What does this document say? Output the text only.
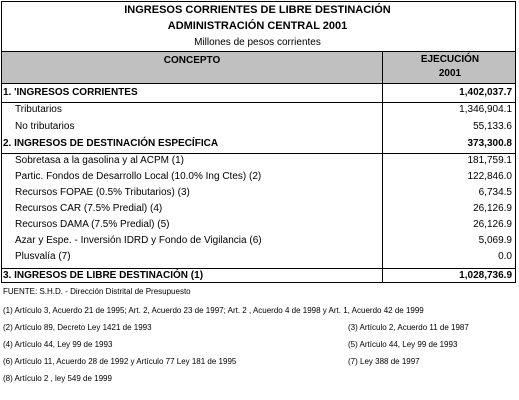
INGRESOS CORRIENTES DE LIBRE DESTINACIÓN
ADMINISTRACIÓN CENTRAL 2001
Millones de pesos corrientes
CONCEPTO	EJECUCIÓN
2001
1. 'INGRESOS CORRIENTES	1,402,037.7
Tributarios	1,346,904.1
No tributarios	55,133.6
2. INGRESOS DE DESTINACIÓN ESPECÍFICA	373,300.8
Sobretasa a la gasolina y al ACPM (1)	181,759.1
Partic. Fondos de Desarrollo Local (10.0% Ing Ctes) (2)	122,846.0
Recursos FOPAE (0.5% Tributarios) (3)	6,734.5
Recursos CAR (7.5% Predial) (4)	26,126.9
Recursos DAMA (7.5% Predial) (5)	26,126.9
Azar y Espe. - Inversión IDRD y Fondo de Vigilancia (6)	5,069.9
Plusvalía (7)	0.0
3. INGRESOS DE LIBRE DESTINACIÓN (1)	1,028,736.9
FUENTE: S.H.D. - Dirección Distrital de Presupuesto
(1) Artículo 3, Acuerdo 21 de 1995; Art. 2, Acuerdo 23 de 1997; Art. 2 , Acuerdo 4 de 1998 y Art. 1, Acuerdo 42 de 1999
(2) Artículo 89, Decreto Ley 1421 de 1993	(3) Artículo 2, Acuerdo 11 de 1987
(4) Artículo 44, Ley 99 de 1993	(5) Artículo 44, Ley 99 de 1993
(6) Artículo 11, Acuerdo 28 de 1992 y Artículo 77 Ley 181 de 1995	(7) Ley 388 de 1997
(8) Artículo 2 , ley 549 de 1999
